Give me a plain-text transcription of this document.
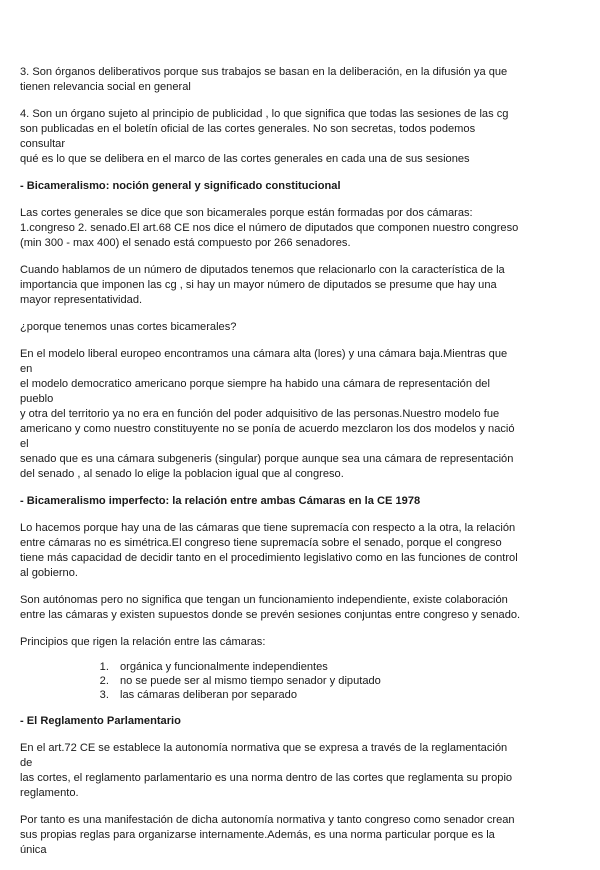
3. Son órganos deliberativos porque sus trabajos se basan en la deliberación, en la difusión ya que
tienen relevancia social en general

4. Son un órgano sujeto al principio de publicidad , lo que significa que todas las sesiones de las cg
son publicadas en el boletín oficial de las cortes generales. No son secretas, todos podemos consultar
qué es lo que se delibera en el marco de las cortes generales en cada una de sus sesiones

- Bicameralismo: noción general y significado constitucional

Las cortes generales se dice que son bicamerales porque están formadas por dos cámaras:
1.congreso 2. senado.El art.68 CE nos dice el número de diputados que componen nuestro congreso
(min 300 - max 400) el senado está compuesto por 266 senadores.

Cuando hablamos de un número de diputados tenemos que relacionarlo con la característica de la
importancia que imponen las cg , si hay un mayor número de diputados se presume que hay una
mayor representatividad.

¿porque tenemos unas cortes bicamerales?

En el modelo liberal europeo encontramos una cámara alta (lores) y una cámara baja.Mientras que en
el modelo democratico americano porque siempre ha habido una cámara de representación del pueblo
y otra del territorio ya no era en función del poder adquisitivo de las personas.Nuestro modelo fue
americano y como nuestro constituyente no se ponía de acuerdo mezclaron los dos modelos y nació el
senado que es una cámara subgeneris (singular) porque aunque sea una cámara de representación
del senado , al senado lo elige la poblacion igual que al congreso.

- Bicameralismo imperfecto: la relación entre ambas Cámaras en la CE 1978

Lo hacemos porque hay una de las cámaras que tiene supremacía con respecto a la otra, la relación
entre cámaras no es simétrica.El congreso tiene supremacía sobre el senado, porque el congreso
tiene más capacidad de decidir tanto en el procedimiento legislativo como en las funciones de control
al gobierno.

Son autónomas pero no significa que tengan un funcionamiento independiente, existe colaboración
entre las cámaras y existen supuestos donde se prevén sesiones conjuntas entre congreso y senado.

Principios que rigen la relación entre las cámaras:

1. orgánica y funcionalmente independientes
2. no se puede ser al mismo tiempo senador y diputado
3. las cámaras deliberan por separado
- El Reglamento Parlamentario

En el art.72 CE se establece la autonomía normativa que se expresa a través de la reglamentación de
las cortes, el reglamento parlamentario es una norma dentro de las cortes que reglamenta su propio
reglamento.

Por tanto es una manifestación de dicha autonomía normativa y tanto congreso como senador crean
sus propias reglas para organizarse internamente.Además, es una norma particular porque es la única
